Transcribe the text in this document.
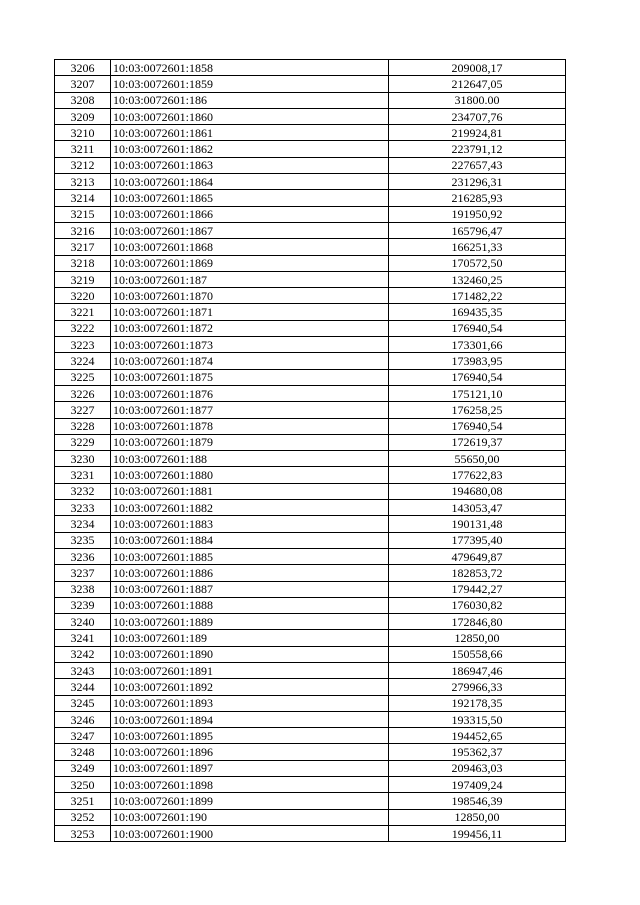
3206	10:03:0072601:1858	209008,17
3207	10:03:0072601:1859	212647,05
3208	10:03:0072601:186	31800.00
3209	10:03:0072601:1860	234707,76
3210	10:03:0072601:1861	219924,81
3211	10:03:0072601:1862	223791,12
3212	10:03:0072601:1863	227657,43
3213	10:03:0072601:1864	231296,31
3214	10:03:0072601:1865	216285,93
3215	10:03:0072601:1866	191950,92
3216	10:03:0072601:1867	165796,47
3217	10:03:0072601:1868	166251,33
3218	10:03:0072601:1869	170572,50
3219	10:03:0072601:187	132460,25
3220	10:03:0072601:1870	171482,22
3221	10:03:0072601:1871	169435,35
3222	10:03:0072601:1872	176940,54
3223	10:03:0072601:1873	173301,66
3224	10:03:0072601:1874	173983,95
3225	10:03:0072601:1875	176940,54
3226	10:03:0072601:1876	175121,10
3227	10:03:0072601:1877	176258,25
3228	10:03:0072601:1878	176940,54
3229	10:03:0072601:1879	172619,37
3230	10:03:0072601:188	55650,00
3231	10:03:0072601:1880	177622,83
3232	10:03:0072601:1881	194680,08
3233	10:03:0072601:1882	143053,47
3234	10:03:0072601:1883	190131,48
3235	10:03:0072601:1884	177395,40
3236	10:03:0072601:1885	479649,87
3237	10:03:0072601:1886	182853,72
3238	10:03:0072601:1887	179442,27
3239	10:03:0072601:1888	176030,82
3240	10:03:0072601:1889	172846,80
3241	10:03:0072601:189	12850,00
3242	10:03:0072601:1890	150558,66
3243	10:03:0072601:1891	186947,46
3244	10:03:0072601:1892	279966,33
3245	10:03:0072601:1893	192178,35
3246	10:03:0072601:1894	193315,50
3247	10:03:0072601:1895	194452,65
3248	10:03:0072601:1896	195362,37
3249	10:03:0072601:1897	209463,03
3250	10:03:0072601:1898	197409,24
3251	10:03:0072601:1899	198546,39
3252	10:03:0072601:190	12850,00
3253	10:03:0072601:1900	199456,11
